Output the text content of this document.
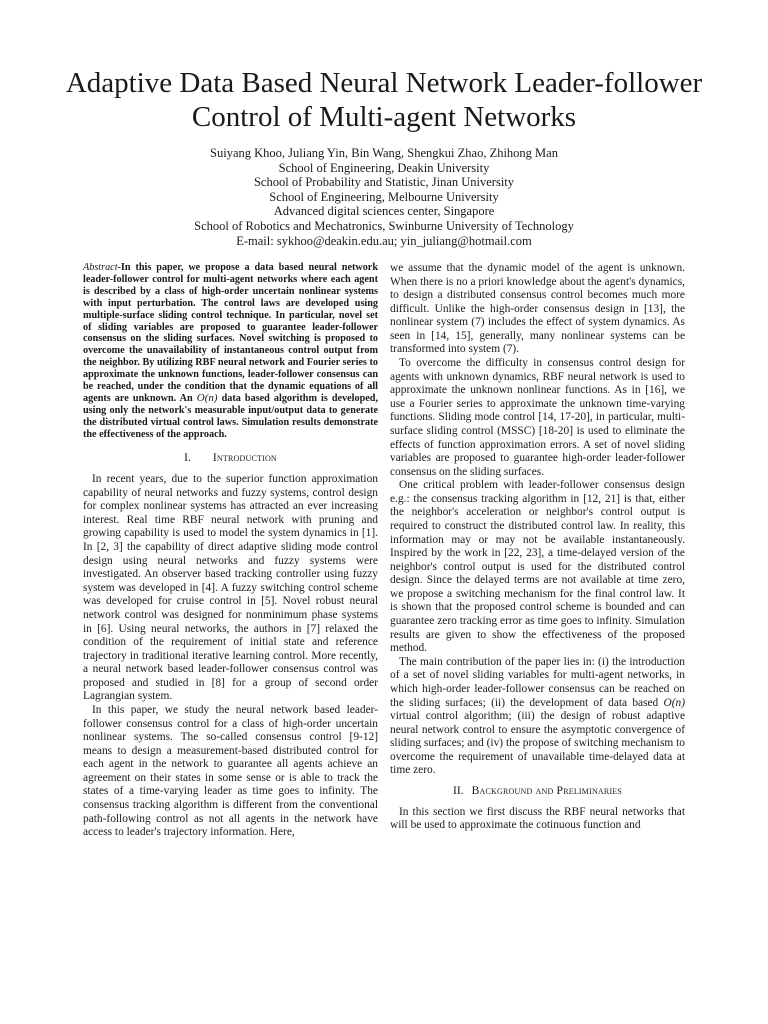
Adaptive Data Based Neural Network Leader-follower Control of Multi-agent Networks
Suiyang Khoo, Juliang Yin, Bin Wang, Shengkui Zhao, Zhihong Man
School of Engineering, Deakin University
School of Probability and Statistic, Jinan University
School of Engineering, Melbourne University
Advanced digital sciences center, Singapore
School of Robotics and Mechatronics, Swinburne University of Technology
E-mail: sykhoo@deakin.edu.au; yin_juliang@hotmail.com

Abstract-In this paper, we propose a data based neural network leader-follower control for multi-agent networks where each agent is described by a class of high-order uncertain nonlinear systems with input perturbation. The control laws are developed using multiple-surface sliding control technique. In particular, novel set of sliding variables are proposed to guarantee leader-follower consensus on the sliding surfaces. Novel switching is proposed to overcome the unavailability of instantaneous control output from the neighbor. By utilizing RBF neural network and Fourier series to approximate the unknown functions, leader-follower consensus can be reached, under the condition that the dynamic equations of all agents are unknown. An O(n) data based algorithm is developed, using only the network's measurable input/output data to generate the distributed virtual control laws. Simulation results demonstrate the effectiveness of the approach.

I. Introduction

In recent years, due to the superior function approximation capability of neural networks and fuzzy systems, control design for complex nonlinear systems has attracted an ever increasing interest. Real time RBF neural network with pruning and growing capability is used to model the system dynamics in [1]. In [2, 3] the capability of direct adaptive sliding mode control design using neural networks and fuzzy systems were investigated. An observer based tracking controller using fuzzy system was developed in [4]. A fuzzy switching control scheme was developed for cruise control in [5]. Novel robust neural network control was designed for nonminimum phase systems in [6]. Using neural networks, the authors in [7] relaxed the condition of the requirement of initial state and reference trajectory in traditional iterative learning control. More recently, a neural network based leader-follower consensus control was proposed and studied in [8] for a group of second order Lagrangian system.

In this paper, we study the neural network based leader-follower consensus control for a class of high-order uncertain nonlinear systems. The so-called consensus control [9-12] means to design a measurement-based distributed control for each agent in the network to guarantee all agents achieve an agreement on their states in some sense or is able to track the states of a time-varying leader as time goes to infinity. The consensus tracking algorithm is different from the conventional path-following control as not all agents in the network have access to leader's trajectory information. Here,

we assume that the dynamic model of the agent is unknown. When there is no a priori knowledge about the agent's dynamics, to design a distributed consensus control becomes much more difficult. Unlike the high-order consensus design in [13], the nonlinear system (7) includes the effect of system dynamics. As seen in [14, 15], generally, many nonlinear systems can be transformed into system (7).

To overcome the difficulty in consensus control design for agents with unknown dynamics, RBF neural network is used to approximate the unknown nonlinear functions. As in [16], we use a Fourier series to approximate the unknown time-varying functions. Sliding mode control [14, 17-20], in particular, multi-surface sliding control (MSSC) [18-20] is used to eliminate the effects of function approximation errors. A set of novel sliding variables are proposed to guarantee high-order leader-follower consensus on the sliding surfaces.

One critical problem with leader-follower consensus design e.g.: the consensus tracking algorithm in [12, 21] is that, either the neighbor's acceleration or neighbor's control output is required to construct the distributed control law. In reality, this information may or may not be available instantaneously. Inspired by the work in [22, 23], a time-delayed version of the neighbor's control output is used for the distributed control design. Since the delayed terms are not available at time zero, we propose a switching mechanism for the final control law. It is shown that the proposed control scheme is bounded and can guarantee zero tracking error as time goes to infinity. Simulation results are given to show the effectiveness of the proposed method.

The main contribution of the paper lies in: (i) the introduction of a set of novel sliding variables for multi-agent networks, in which high-order leader-follower consensus can be reached on the sliding surfaces; (ii) the development of data based O(n) virtual control algorithm; (iii) the design of robust adaptive neural network control to ensure the asymptotic convergence of sliding surfaces; and (iv) the propose of switching mechanism to overcome the requirement of unavailable time-delayed data at time zero.

II. Background and Preliminaries

In this section we first discuss the RBF neural networks that will be used to approximate the cotinuous function and
